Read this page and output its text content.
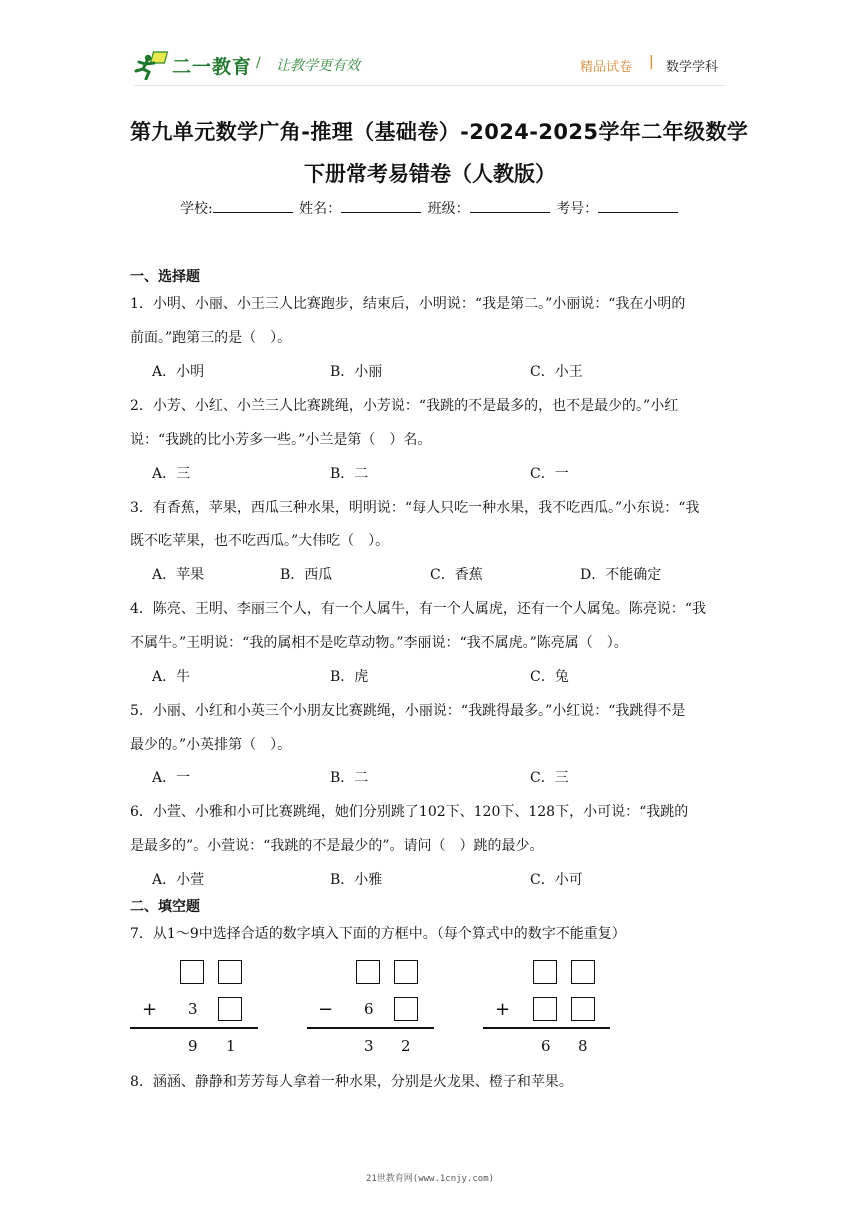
二一教育 / 让教学更有效	精品试卷 | 数学学科
第九单元数学广角-推理（基础卷）-2024-2025学年二年级数学
下册常考易错卷（人教版）
学校:	姓名：	班级：	考号：
一、选择题
1．小明、小丽、小王三人比赛跑步，结束后，小明说：“我是第二。”小丽说：“我在小明的
前面。”跑第三的是（　）。
A．小明	B．小丽	C．小王
2．小芳、小红、小兰三人比赛跳绳，小芳说：“我跳的不是最多的，也不是最少的。”小红
说：“我跳的比小芳多一些。”小兰是第（　）名。
A．三	B．二	C．一
3．有香蕉，苹果，西瓜三种水果，明明说：“每人只吃一种水果，我不吃西瓜。”小东说：“我
既不吃苹果，也不吃西瓜。”大伟吃（　）。
A．苹果	B．西瓜	C．香蕉	D．不能确定
4．陈亮、王明、李丽三个人，有一个人属牛，有一个人属虎，还有一个人属兔。陈亮说：“我
不属牛。”王明说：“我的属相不是吃草动物。”李丽说：“我不属虎。”陈亮属（　）。
A．牛	B．虎	C．兔
5．小丽、小红和小英三个小朋友比赛跳绳，小丽说：“我跳得最多。”小红说：“我跳得不是
最少的。”小英排第（　）。
A．一	B．二	C．三
6．小萱、小雅和小可比赛跳绳，她们分别跳了102下、120下、128下，小可说：“我跳的
是最多的”。小萱说：“我跳的不是最少的”。请问（　）跳的最少。
A．小萱	B．小雅	C．小可
二、填空题
7．从1～9中选择合适的数字填入下面的方框中。（每个算式中的数字不能重复）
+ 3
9 1
− 6
3 2
+
6 8
8．涵涵、静静和芳芳每人拿着一种水果，分别是火龙果、橙子和苹果。
21世教育网(www.1cnjy.com)
